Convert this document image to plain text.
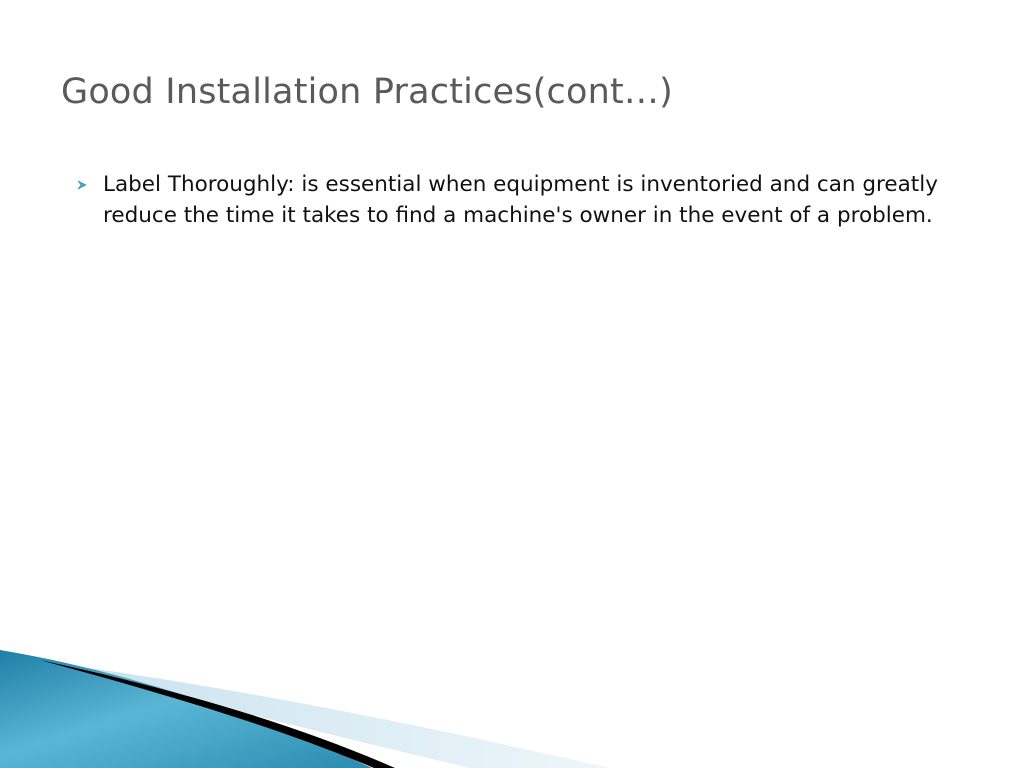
Good Installation Practices(cont…)
Label Thoroughly: is essential when equipment is inventoried and can greatly reduce the time it takes to find a machine's owner in the event of a problem.
